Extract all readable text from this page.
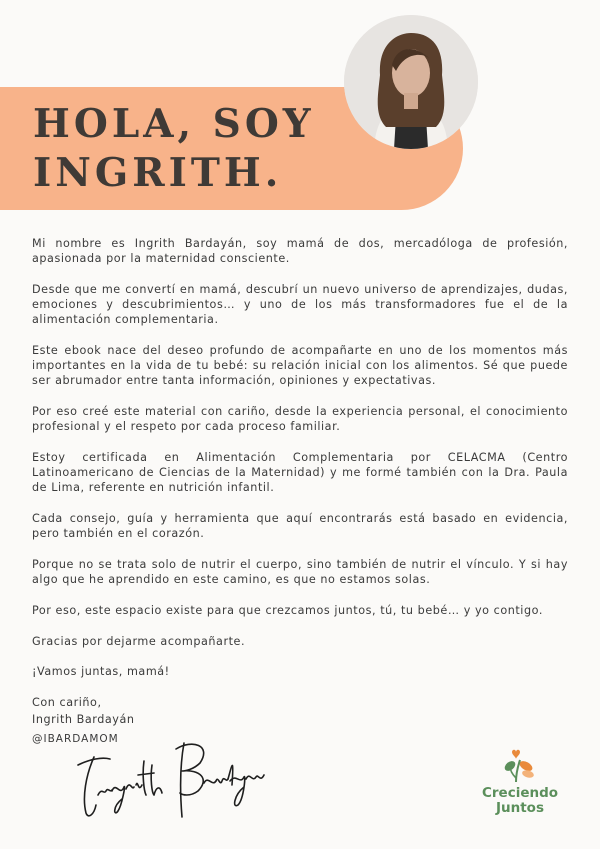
HOLA, SOY
INGRITH.

Mi nombre es Ingrith Bardayán, soy mamá de dos, mercadóloga de profesión, apasionada por la maternidad consciente.

Desde que me convertí en mamá, descubrí un nuevo universo de aprendizajes, dudas, emociones y descubrimientos… y uno de los más transformadores fue el de la alimentación complementaria.

Este ebook nace del deseo profundo de acompañarte en uno de los momentos más importantes en la vida de tu bebé: su relación inicial con los alimentos. Sé que puede ser abrumador entre tanta información, opiniones y expectativas.

Por eso creé este material con cariño, desde la experiencia personal, el conocimiento profesional y el respeto por cada proceso familiar.

Estoy certificada en Alimentación Complementaria por CELACMA (Centro Latinoamericano de Ciencias de la Maternidad) y me formé también con la Dra. Paula de Lima, referente en nutrición infantil.

Cada consejo, guía y herramienta que aquí encontrarás está basado en evidencia, pero también en el corazón.

Porque no se trata solo de nutrir el cuerpo, sino también de nutrir el vínculo. Y si hay algo que he aprendido en este camino, es que no estamos solas.

Por eso, este espacio existe para que crezcamos juntos, tú, tu bebé… y yo contigo.

Gracias por dejarme acompañarte.

¡Vamos juntas, mamá!

Con cariño,

Ingrith Bardayán

@IBARDAMOM
Creciendo
Juntos
